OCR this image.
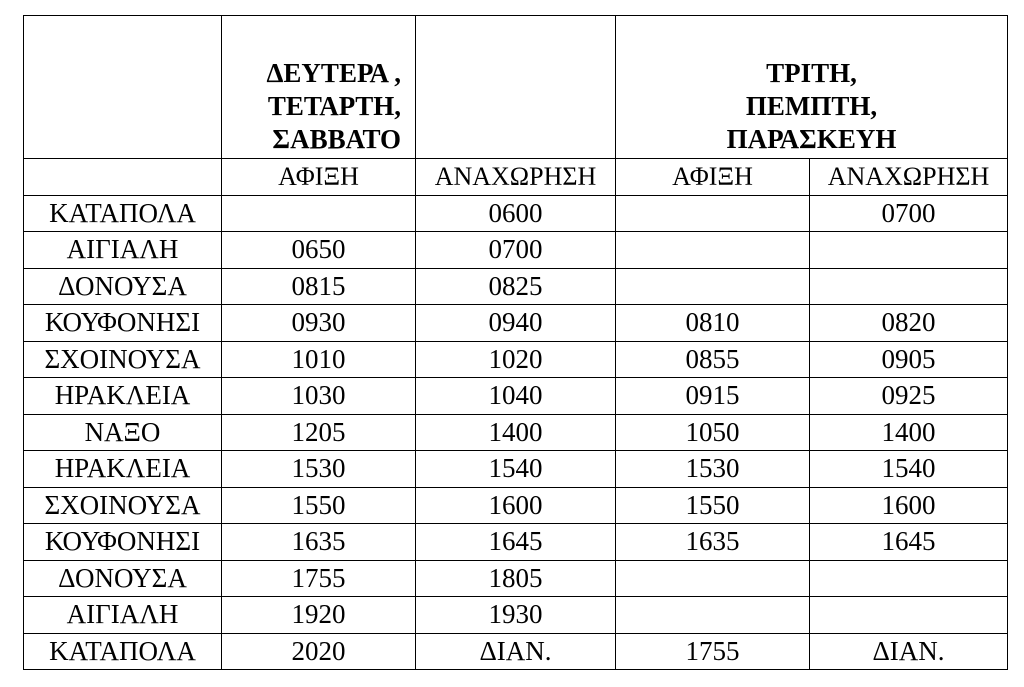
	ΔΕΥΤΕΡΑ ,
ΤΕΤΑΡΤΗ,
ΣΑΒΒΑΤΟ		ΤΡΙΤΗ,
ΠΕΜΠΤΗ,
ΠΑΡΑΣΚΕΥΗ	

	ΑΦΙΞΗ	ΑΝΑΧΩΡΗΣΗ	ΑΦΙΞΗ	ΑΝΑΧΩΡΗΣΗ
ΚΑΤΑΠΟΛΑ		0600		0700
ΑΙΓΙΑΛΗ	0650	0700		
ΔΟΝΟΥΣΑ	0815	0825		
ΚΟΥΦΟΝΗΣΙ	0930	0940	0810	0820
ΣΧΟΙΝΟΥΣΑ	1010	1020	0855	0905
ΗΡΑΚΛΕΙΑ	1030	1040	0915	0925
ΝΑΞΟ	1205	1400	1050	1400
ΗΡΑΚΛΕΙΑ	1530	1540	1530	1540
ΣΧΟΙΝΟΥΣΑ	1550	1600	1550	1600
ΚΟΥΦΟΝΗΣΙ	1635	1645	1635	1645
ΔΟΝΟΥΣΑ	1755	1805		
ΑΙΓΙΑΛΗ	1920	1930		
ΚΑΤΑΠΟΛΑ	2020	ΔΙΑΝ.	1755	ΔΙΑΝ.
